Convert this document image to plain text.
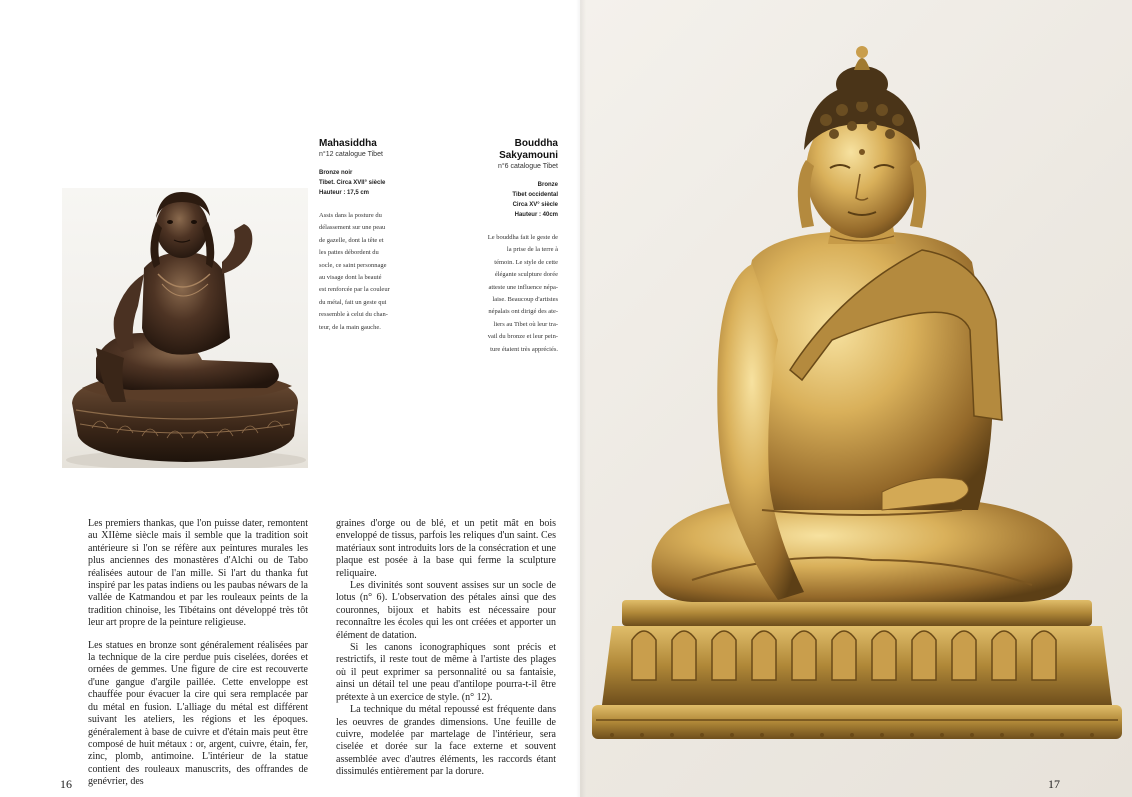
Mahasiddha
n°12 catalogue Tibet
Bronze noir
Tibet. Circa XVII° siècle
Hauteur : 17,5 cm
Assis dans la posture du
délassement sur une peau
de gazelle, dont la tête et
les pattes débordent du
socle, ce saint personnage
au visage dont la beauté
est renforcée par la couleur
du métal, fait un geste qui
ressemble à celui du chan-
teur, de la main gauche.
Bouddha
Sakyamouni
n°6 catalogue Tibet
Bronze
Tibet occidental
Circa XV° siècle
Hauteur : 40cm
Le bouddha fait le geste de
la prise de la terre à
témoin. Le style de cette
élégante sculpture dorée
atteste une influence népa-
laise. Beaucoup d'artistes
népalais ont dirigé des ate-
liers au Tibet où leur tra-
vail du bronze et leur pein-
ture étaient très appréciés.

Les premiers thankas, que l'on puisse dater, remontent au XIIème siècle mais il semble que la tradition soit antérieure si l'on se réfère aux peintures murales les plus anciennes des monastères d'Alchi ou de Tabo réalisées autour de l'an mille. Si l'art du thanka fut inspiré par les patas indiens ou les paubas néwars de la vallée de Katmandou et par les rouleaux peints de la tradition chinoise, les Tibétains ont développé très tôt leur art propre de la peinture religieuse.

Les statues en bronze sont généralement réalisées par la technique de la cire perdue puis ciselées, dorées et ornées de gemmes. Une figure de cire est recouverte d'une gangue d'argile paillée. Cette enveloppe est chauffée pour évacuer la cire qui sera remplacée par du métal en fusion. L'alliage du métal est différent suivant les ateliers, les régions et les époques. généralement à base de cuivre et d'étain mais peut être composé de huit métaux : or, argent, cuivre, étain, fer, zinc, plomb, antimoine. L'intérieur de la statue contient des rouleaux manuscrits, des offrandes de genévrier, des

graines d'orge ou de blé, et un petit mât en bois enveloppé de tissus, parfois les reliques d'un saint. Ces matériaux sont introduits lors de la consécration et une plaque est posée à la base qui ferme la sculpture reliquaire.

Les divinités sont souvent assises sur un socle de lotus (n° 6). L'observation des pétales ainsi que des couronnes, bijoux et habits est nécessaire pour reconnaître les écoles qui les ont créées et apporter un élément de datation.

Si les canons iconographiques sont précis et restrictifs, il reste tout de même à l'artiste des plages où il peut exprimer sa personnalité ou sa fantaisie, ainsi un détail tel une peau d'antilope pourra-t-il être prétexte à un exercice de style. (n° 12).

La technique du métal repoussé est fréquente dans les oeuvres de grandes dimensions. Une feuille de cuivre, modelée par martelage de l'intérieur, sera ciselée et dorée sur la face externe et souvent assemblée avec d'autres éléments, les raccords étant dissimulés entièrement par la dorure.

16	17
